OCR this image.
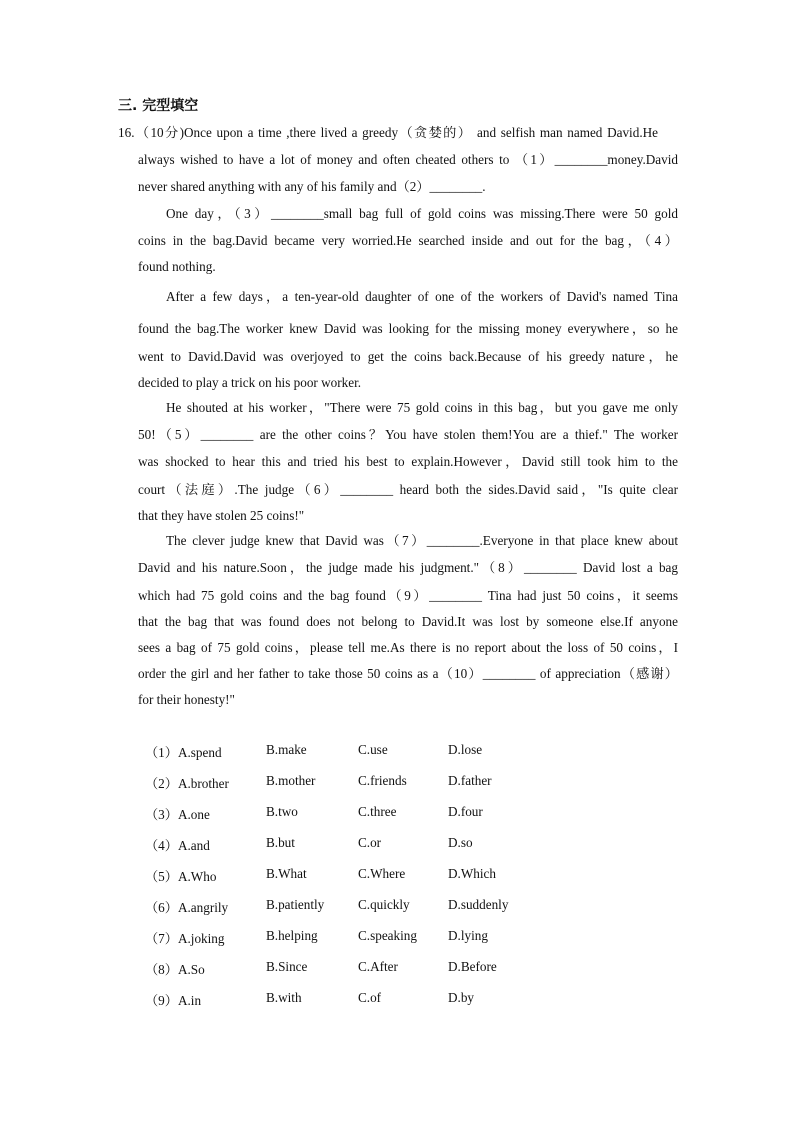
三. 完型填空
16.（10分)Once upon a time ,there lived a greedy（贪婪的） and selfish man named David.He
always wished to have a lot of money and often cheated others to （1）________money.David
never shared anything with any of his family and（2）________.
One day，（3）________small bag full of gold coins was missing.There were 50 gold
coins in the bag.David became very worried.He searched inside and out for the bag，（4）
found nothing.
After a few days，a ten-year-old daughter of one of the workers of David's named Tina
found the bag.The worker knew David was looking for the missing money everywhere，so he
went to David.David was overjoyed to get the coins back.Because of his greedy nature，he
decided to play a trick on his poor worker.
He shouted at his worker，"There were 75 gold coins in this bag，but you gave me only
50!（5）________ are the other coins？You have stolen them!You are a thief." The worker
was shocked to hear this and tried his best to explain.However，David still took him to the
court（法庭）.The judge（6）________ heard both the sides.David said，"Is quite clear
that they have stolen 25 coins!"
The clever judge knew that David was（7）________.Everyone in that place knew about
David and his nature.Soon，the judge made his judgment."（8）________ David lost a bag
which had 75 gold coins and the bag found（9）________ Tina had just 50 coins，it seems
that the bag that was found does not belong to David.It was lost by someone else.If anyone
sees a bag of 75 gold coins，please tell me.As there is no report about the loss of 50 coins，I
order the girl and her father to take those 50 coins as a（10）________ of appreciation（感谢）
for their honesty!"
（1）A.spend	B.make	C.use	D.lose
（2）A.brother	B.mother	C.friends	D.father
（3）A.one	B.two	C.three	D.four
（4）A.and	B.but	C.or	D.so
（5）A.Who	B.What	C.Where	D.Which
（6）A.angrily	B.patiently	C.quickly	D.suddenly
（7）A.joking	B.helping	C.speaking D.lying
（8）A.So	B.Since	C.After	D.Before
（9）A.in	B.with	C.of	D.by
